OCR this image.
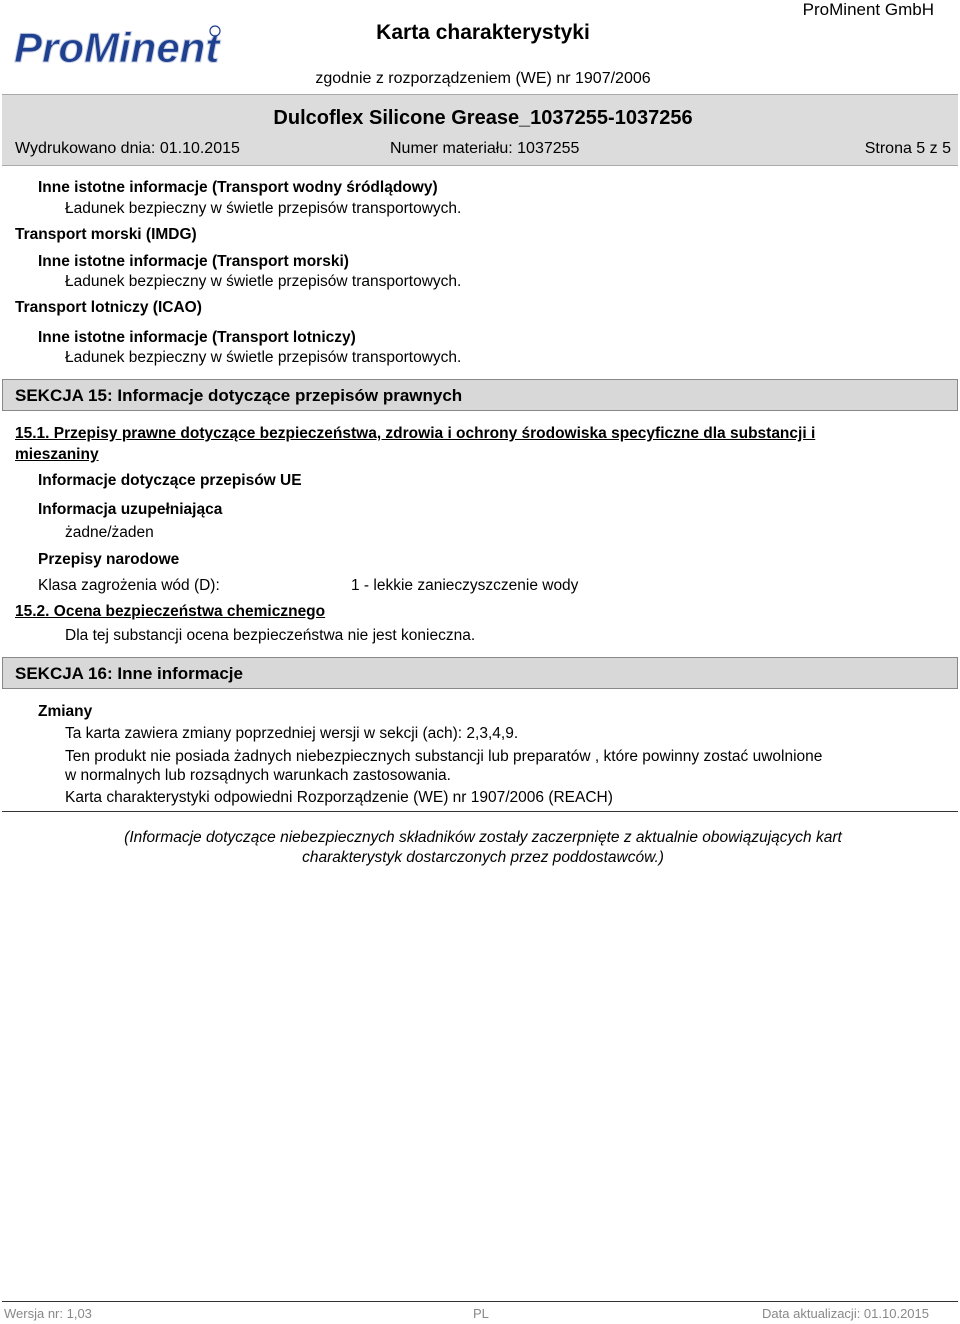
ProMinent
ProMinent GmbH
Karta charakterystyki
zgodnie z rozporządzeniem (WE) nr 1907/2006
Dulcoflex Silicone Grease_1037255-1037256
Wydrukowano dnia: 01.10.2015	Numer materiału: 1037255	Strona 5 z 5
Inne istotne informacje (Transport wodny śródlądowy)
Ładunek bezpieczny w świetle przepisów transportowych.
Transport morski (IMDG)
Inne istotne informacje (Transport morski)
Ładunek bezpieczny w świetle przepisów transportowych.
Transport lotniczy (ICAO)
Inne istotne informacje (Transport lotniczy)
Ładunek bezpieczny w świetle przepisów transportowych.
SEKCJA 15: Informacje dotyczące przepisów prawnych
15.1. Przepisy prawne dotyczące bezpieczeństwa, zdrowia i ochrony środowiska specyficzne dla substancji i
mieszaniny
Informacje dotyczące przepisów UE
Informacja uzupełniająca
żadne/żaden
Przepisy narodowe
Klasa zagrożenia wód (D):	1 - lekkie zanieczyszczenie wody
15.2. Ocena bezpieczeństwa chemicznego
Dla tej substancji ocena bezpieczeństwa nie jest konieczna.
SEKCJA 16: Inne informacje
Zmiany
Ta karta zawiera zmiany poprzedniej wersji w sekcji (ach): 2,3,4,9.
Ten produkt nie posiada żadnych niebezpiecznych substancji lub preparatów , które powinny zostać uwolnione
w normalnych lub rozsądnych warunkach zastosowania.
Karta charakterystyki odpowiedni Rozporządzenie (WE) nr 1907/2006 (REACH)
(Informacje dotyczące niebezpiecznych składników zostały zaczerpnięte z aktualnie obowiązujących kart
charakterystyk dostarczonych przez poddostawców.)
Wersja nr: 1,03	PL	Data aktualizacji: 01.10.2015
